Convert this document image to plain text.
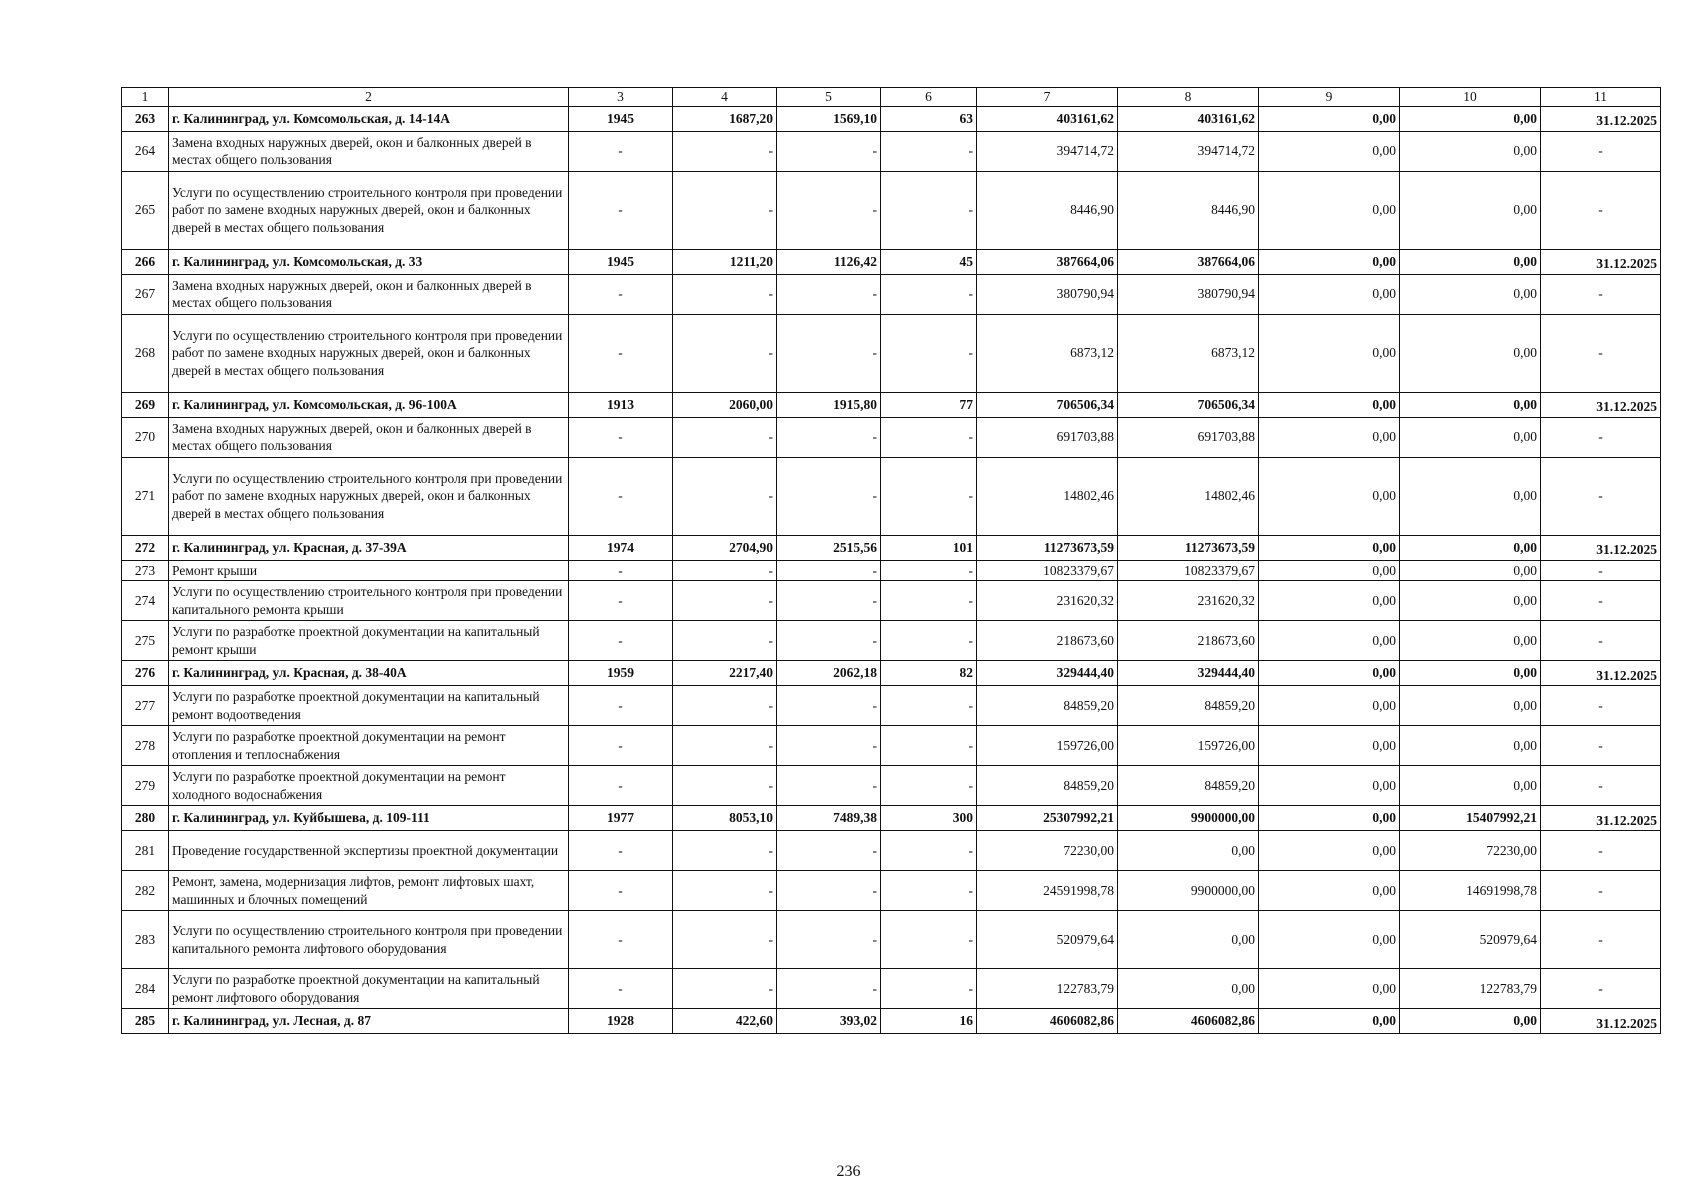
1	2	3	4	5	6	7	8	9	10	11
263	г. Калининград, ул. Комсомольская, д. 14-14А	1945	1687,20	1569,10	63	403161,62	403161,62	0,00	0,00	31.12.2025
264	Замена входных наружных дверей, окон и балконных дверей в местах общего пользования	-	-	-	-	394714,72	394714,72	0,00	0,00	-
265	Услуги по осуществлению строительного контроля при проведении работ по замене входных наружных дверей, окон и балконных дверей в местах общего пользования	-	-	-	-	8446,90	8446,90	0,00	0,00	-
266	г. Калининград, ул. Комсомольская, д. 33	1945	1211,20	1126,42	45	387664,06	387664,06	0,00	0,00	31.12.2025
267	Замена входных наружных дверей, окон и балконных дверей в местах общего пользования	-	-	-	-	380790,94	380790,94	0,00	0,00	-
268	Услуги по осуществлению строительного контроля при проведении работ по замене входных наружных дверей, окон и балконных дверей в местах общего пользования	-	-	-	-	6873,12	6873,12	0,00	0,00	-
269	г. Калининград, ул. Комсомольская, д. 96-100А	1913	2060,00	1915,80	77	706506,34	706506,34	0,00	0,00	31.12.2025
270	Замена входных наружных дверей, окон и балконных дверей в местах общего пользования	-	-	-	-	691703,88	691703,88	0,00	0,00	-
271	Услуги по осуществлению строительного контроля при проведении работ по замене входных наружных дверей, окон и балконных дверей в местах общего пользования	-	-	-	-	14802,46	14802,46	0,00	0,00	-
272	г. Калининград, ул. Красная, д. 37-39А	1974	2704,90	2515,56	101	11273673,59	11273673,59	0,00	0,00	31.12.2025
273	Ремонт крыши	-	-	-	-	10823379,67	10823379,67	0,00	0,00	-
274	Услуги по осуществлению строительного контроля при проведении капитального ремонта крыши	-	-	-	-	231620,32	231620,32	0,00	0,00	-
275	Услуги по разработке проектной документации на капитальный ремонт крыши	-	-	-	-	218673,60	218673,60	0,00	0,00	-
276	г. Калининград, ул. Красная, д. 38-40А	1959	2217,40	2062,18	82	329444,40	329444,40	0,00	0,00	31.12.2025
277	Услуги по разработке проектной документации на капитальный ремонт водоотведения	-	-	-	-	84859,20	84859,20	0,00	0,00	-
278	Услуги по разработке проектной документации на ремонт отопления и теплоснабжения	-	-	-	-	159726,00	159726,00	0,00	0,00	-
279	Услуги по разработке проектной документации на ремонт холодного водоснабжения	-	-	-	-	84859,20	84859,20	0,00	0,00	-
280	г. Калининград, ул. Куйбышева, д. 109-111	1977	8053,10	7489,38	300	25307992,21	9900000,00	0,00	15407992,21	31.12.2025
281	Проведение государственной экспертизы проектной документации	-	-	-	-	72230,00	0,00	0,00	72230,00	-
282	Ремонт, замена, модернизация лифтов, ремонт лифтовых шахт, машинных и блочных помещений	-	-	-	-	24591998,78	9900000,00	0,00	14691998,78	-
283	Услуги по осуществлению строительного контроля при проведении капитального ремонта лифтового оборудования	-	-	-	-	520979,64	0,00	0,00	520979,64	-
284	Услуги по разработке проектной документации на капитальный ремонт лифтового оборудования	-	-	-	-	122783,79	0,00	0,00	122783,79	-
285	г. Калининград, ул. Лесная, д. 87	1928	422,60	393,02	16	4606082,86	4606082,86	0,00	0,00	31.12.2025
236
